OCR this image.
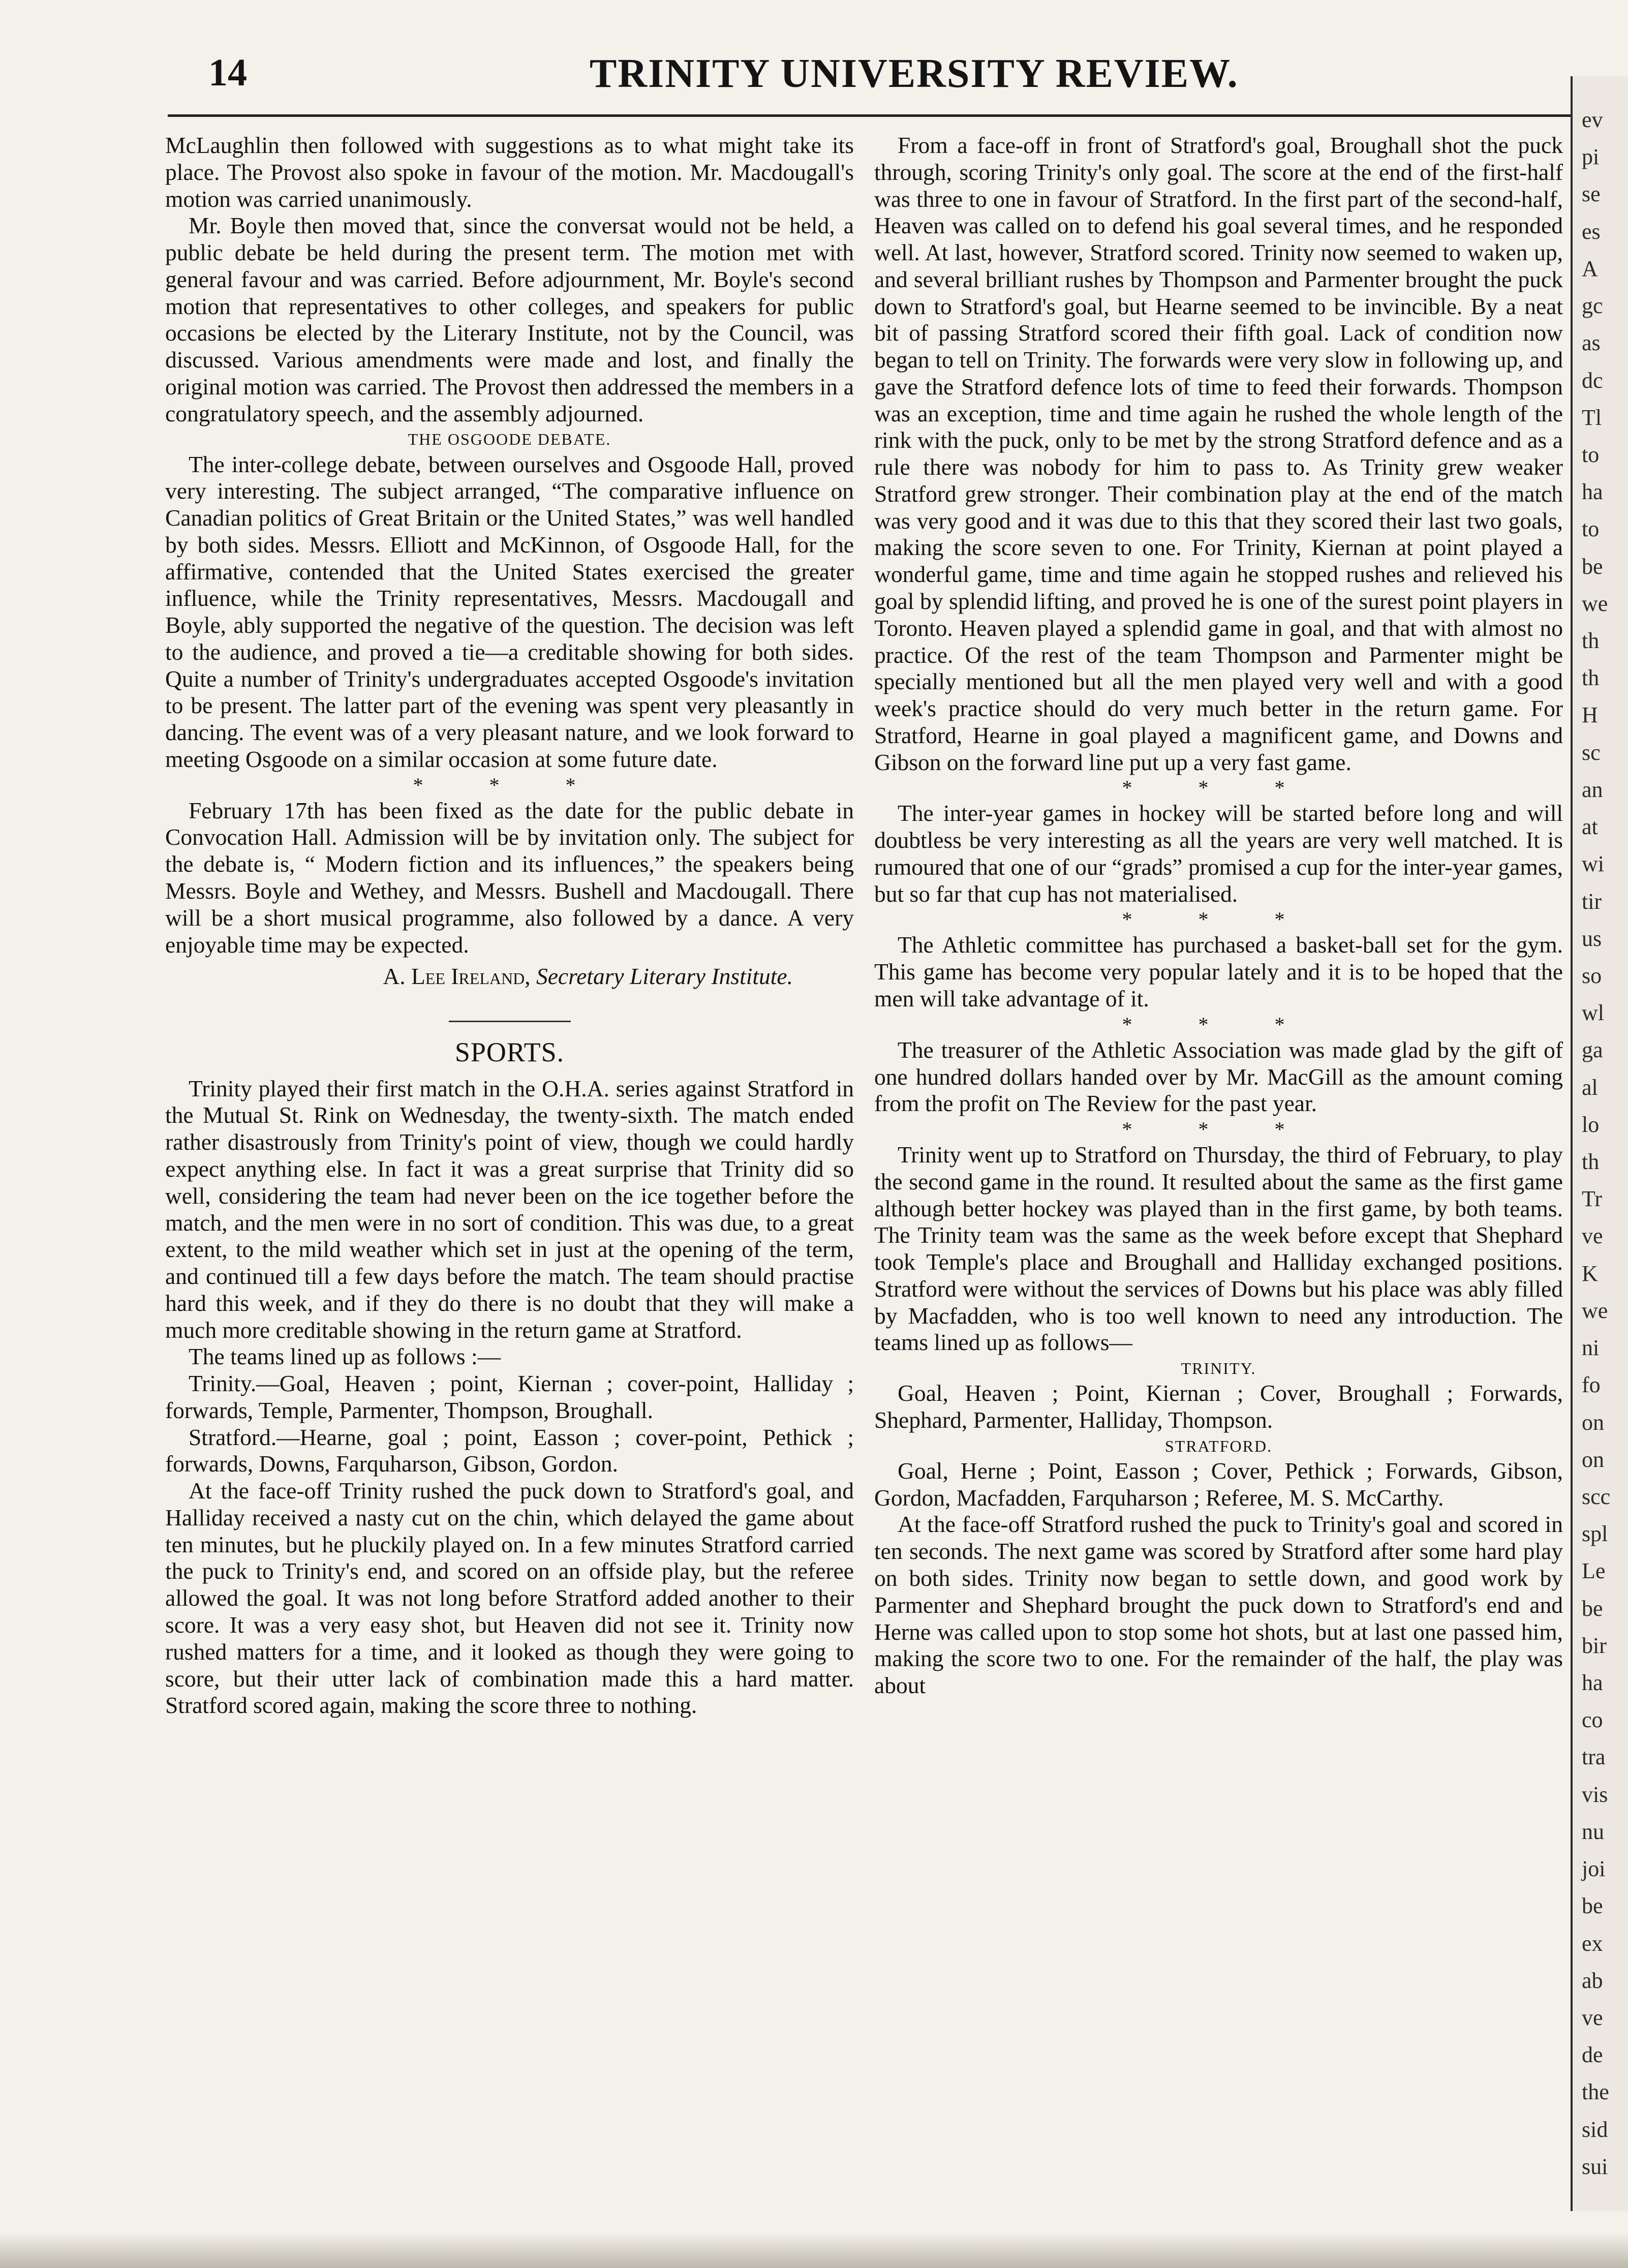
14	TRINITY UNIVERSITY REVIEW.

McLaughlin then followed with suggestions as to what might take its place. The Provost also spoke in favour of the motion. Mr. Macdougall's motion was carried unanimously.

Mr. Boyle then moved that, since the conversat would not be held, a public debate be held during the present term. The motion met with general favour and was carried. Before adjournment, Mr. Boyle's second motion that representatives to other colleges, and speakers for public occasions be elected by the Literary Institute, not by the Council, was discussed. Various amendments were made and lost, and finally the original motion was carried. The Provost then addressed the members in a congratulatory speech, and the assembly adjourned.

THE OSGOODE DEBATE.

The inter-college debate, between ourselves and Osgoode Hall, proved very interesting. The subject arranged, “The comparative influence on Canadian politics of Great Britain or the United States,” was well handled by both sides. Messrs. Elliott and McKinnon, of Osgoode Hall, for the affirmative, contended that the United States exercised the greater influence, while the Trinity representatives, Messrs. Macdougall and Boyle, ably supported the negative of the question. The decision was left to the audience, and proved a tie—a creditable showing for both sides. Quite a number of Trinity's undergraduates accepted Osgoode's invitation to be present. The latter part of the evening was spent very pleasantly in dancing. The event was of a very pleasant nature, and we look forward to meeting Osgoode on a similar occasion at some future date.

* * *

February 17th has been fixed as the date for the public debate in Convocation Hall. Admission will be by invitation only. The subject for the debate is, “ Modern fiction and its influences,” the speakers being Messrs. Boyle and Wethey, and Messrs. Bushell and Macdougall. There will be a short musical programme, also followed by a dance. A very enjoyable time may be expected.

A. Lee Ireland, Secretary Literary Institute.
SPORTS.

Trinity played their first match in the O.H.A. series against Stratford in the Mutual St. Rink on Wednesday, the twenty-sixth. The match ended rather disastrously from Trinity's point of view, though we could hardly expect anything else. In fact it was a great surprise that Trinity did so well, considering the team had never been on the ice together before the match, and the men were in no sort of condition. This was due, to a great extent, to the mild weather which set in just at the opening of the term, and continued till a few days before the match. The team should practise hard this week, and if they do there is no doubt that they will make a much more creditable showing in the return game at Stratford.

The teams lined up as follows :—

Trinity.—Goal, Heaven ; point, Kiernan ; cover-point, Halliday ; forwards, Temple, Parmenter, Thompson, Broughall.

Stratford.—Hearne, goal ; point, Easson ; cover-point, Pethick ; forwards, Downs, Farquharson, Gibson, Gordon.

At the face-off Trinity rushed the puck down to Stratford's goal, and Halliday received a nasty cut on the chin, which delayed the game about ten minutes, but he pluckily played on. In a few minutes Stratford carried the puck to Trinity's end, and scored on an offside play, but the referee allowed the goal. It was not long before Stratford added another to their score. It was a very easy shot, but Heaven did not see it. Trinity now rushed matters for a time, and it looked as though they were going to score, but their utter lack of combination made this a hard matter. Stratford scored again, making the score three to nothing.

From a face-off in front of Stratford's goal, Broughall shot the puck through, scoring Trinity's only goal. The score at the end of the first-half was three to one in favour of Stratford. In the first part of the second-half, Heaven was called on to defend his goal several times, and he responded well. At last, however, Stratford scored. Trinity now seemed to waken up, and several brilliant rushes by Thompson and Parmenter brought the puck down to Stratford's goal, but Hearne seemed to be invincible. By a neat bit of passing Stratford scored their fifth goal. Lack of condition now began to tell on Trinity. The forwards were very slow in following up, and gave the Stratford defence lots of time to feed their forwards. Thompson was an exception, time and time again he rushed the whole length of the rink with the puck, only to be met by the strong Stratford defence and as a rule there was nobody for him to pass to. As Trinity grew weaker Stratford grew stronger. Their combination play at the end of the match was very good and it was due to this that they scored their last two goals, making the score seven to one. For Trinity, Kiernan at point played a wonderful game, time and time again he stopped rushes and relieved his goal by splendid lifting, and proved he is one of the surest point players in Toronto. Heaven played a splendid game in goal, and that with almost no practice. Of the rest of the team Thompson and Parmenter might be specially mentioned but all the men played very well and with a good week's practice should do very much better in the return game. For Stratford, Hearne in goal played a magnificent game, and Downs and Gibson on the forward line put up a very fast game.

* * *

The inter-year games in hockey will be started before long and will doubtless be very interesting as all the years are very well matched. It is rumoured that one of our “grads” promised a cup for the inter-year games, but so far that cup has not materialised.

* * *

The Athletic committee has purchased a basket-ball set for the gym. This game has become very popular lately and it is to be hoped that the men will take advantage of it.

* * *

The treasurer of the Athletic Association was made glad by the gift of one hundred dollars handed over by Mr. MacGill as the amount coming from the profit on The Review for the past year.

* * *

Trinity went up to Stratford on Thursday, the third of February, to play the second game in the round. It resulted about the same as the first game although better hockey was played than in the first game, by both teams. The Trinity team was the same as the week before except that Shephard took Temple's place and Broughall and Halliday exchanged positions. Stratford were without the services of Downs but his place was ably filled by Macfadden, who is too well known to need any introduction. The teams lined up as follows—

TRINITY.

Goal, Heaven ; Point, Kiernan ; Cover, Broughall ; Forwards, Shephard, Parmenter, Halliday, Thompson.

STRATFORD.

Goal, Herne ; Point, Easson ; Cover, Pethick ; Forwards, Gibson, Gordon, Macfadden, Farquharson ; Referee, M. S. McCarthy.

At the face-off Stratford rushed the puck to Trinity's goal and scored in ten seconds. The next game was scored by Stratford after some hard play on both sides. Trinity now began to settle down, and good work by Parmenter and Shephard brought the puck down to Stratford's end and Herne was called upon to stop some hot shots, but at last one passed him, making the score two to one. For the remainder of the half, the play was about

ev
pi
se
es
A
gc
as
dc
Tl
to
ha
to
be
we
th
th
H
sc
an
at
wi
tir
us
so
wl
ga
al
lo
th
Tr
ve
K
we
ni
fo
on
on
scc
spl
Le
be
bir
ha
co
tra
vis
nu
joi
be
ex
ab
ve
de
the
sid
sui
